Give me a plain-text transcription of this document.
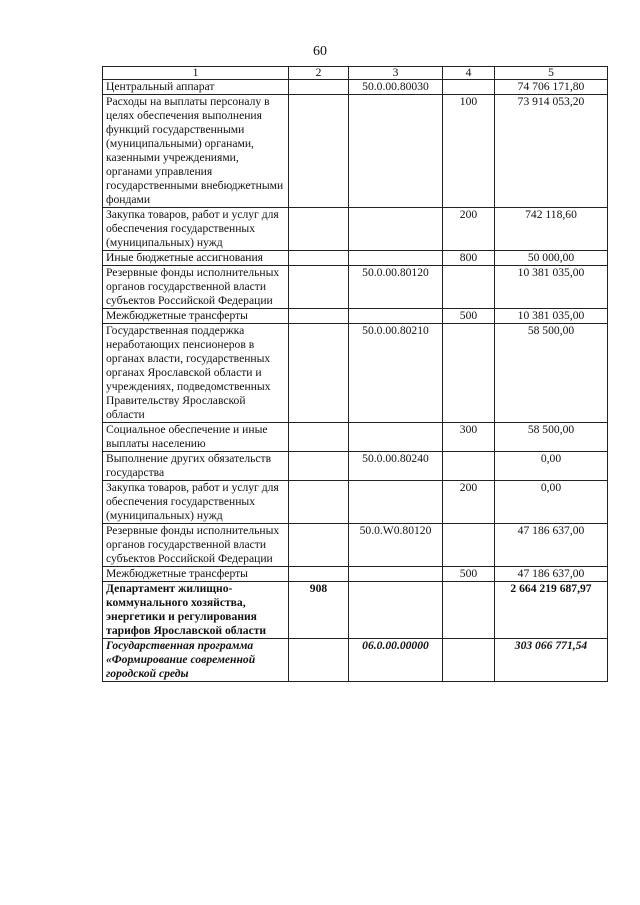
60
1	2	3	4	5
Центральный аппарат		50.0.00.80030		74 706 171,80
Расходы на выплаты персоналу в целях обеспечения выполнения функций государственными (муниципальными) органами, казенными учреждениями, органами управления государственными внебюджетными фондами			100	73 914 053,20
Закупка товаров, работ и услуг для обеспечения государственных (муниципальных) нужд			200	742 118,60
Иные бюджетные ассигнования			800	50 000,00
Резервные фонды исполнительных органов государственной власти субъектов Российской Федерации		50.0.00.80120		10 381 035,00
Межбюджетные трансферты			500	10 381 035,00
Государственная поддержка неработающих пенсионеров в органах власти, государственных органах Ярославской области и учреждениях, подведомственных Правительству Ярославской области		50.0.00.80210		58 500,00
Социальное обеспечение и иные выплаты населению			300	58 500,00
Выполнение других обязательств государства		50.0.00.80240		0,00
Закупка товаров, работ и услуг для обеспечения государственных (муниципальных) нужд			200	0,00
Резервные фонды исполнительных органов государственной власти субъектов Российской Федерации		50.0.W0.80120		47 186 637,00
Межбюджетные трансферты			500	47 186 637,00
Департамент жилищно-коммунального хозяйства, энергетики и регулирования тарифов Ярославской области	908			2 664 219 687,97
Государственная программа «Формирование современной городской среды		06.0.00.00000		303 066 771,54
